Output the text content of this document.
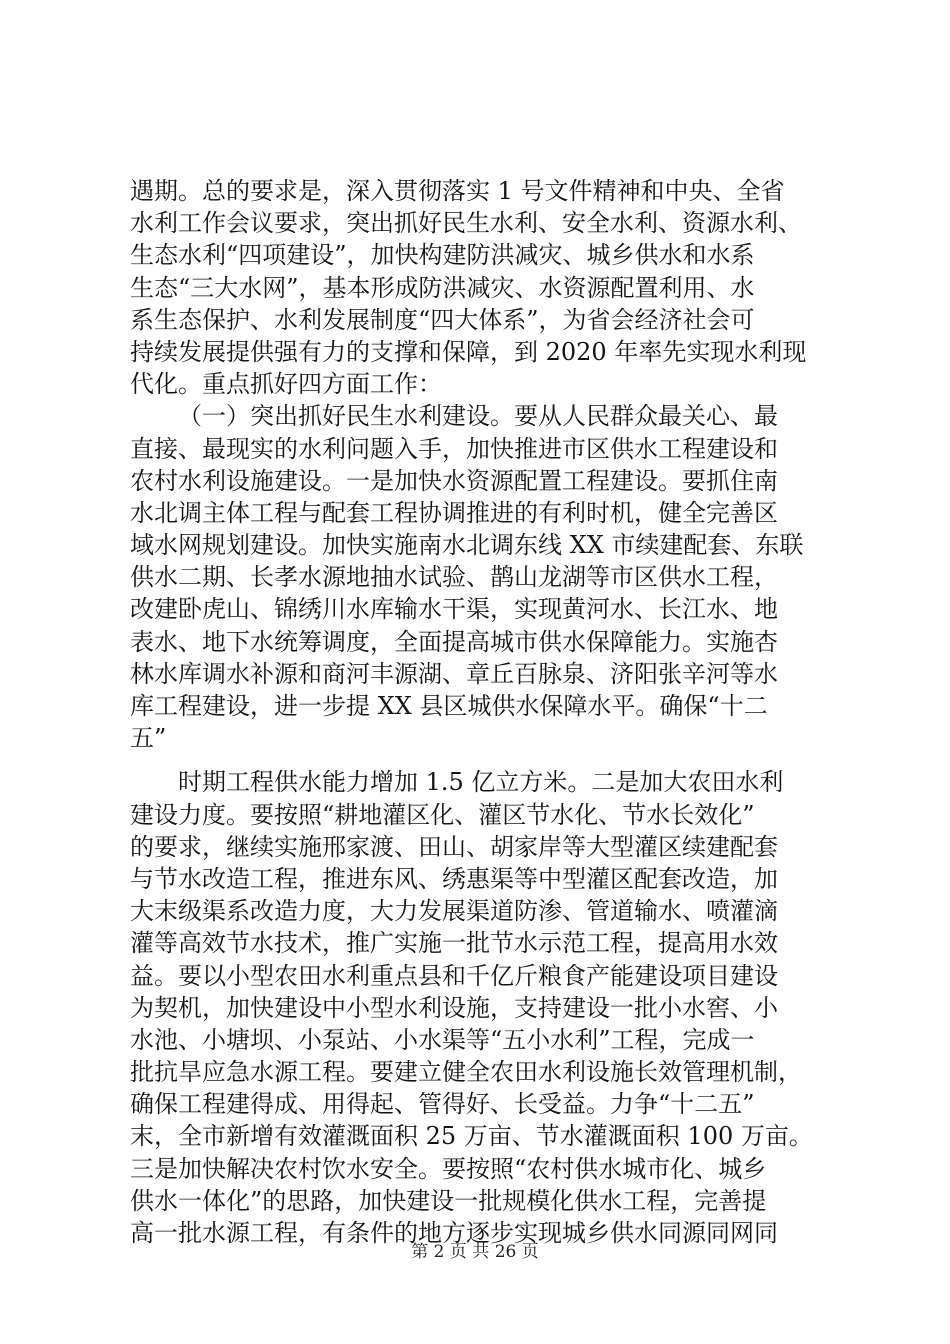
遇期。总的要求是，深入贯彻落实 1 号文件精神和中央、全省
水利工作会议要求，突出抓好民生水利、安全水利、资源水利、
生态水利“四项建设”，加快构建防洪减灾、城乡供水和水系
生态“三大水网”，基本形成防洪减灾、水资源配置利用、水
系生态保护、水利发展制度“四大体系”，为省会经济社会可
持续发展提供强有力的支撑和保障，到 2020 年率先实现水利现
代化。重点抓好四方面工作：
（一）突出抓好民生水利建设。要从人民群众最关心、最
直接、最现实的水利问题入手，加快推进市区供水工程建设和
农村水利设施建设。一是加快水资源配置工程建设。要抓住南
水北调主体工程与配套工程协调推进的有利时机，健全完善区
域水网规划建设。加快实施南水北调东线 XX 市续建配套、东联
供水二期、长孝水源地抽水试验、鹊山龙湖等市区供水工程，
改建卧虎山、锦绣川水库输水干渠，实现黄河水、长江水、地
表水、地下水统筹调度，全面提高城市供水保障能力。实施杏
林水库调水补源和商河丰源湖、章丘百脉泉、济阳张辛河等水
库工程建设，进一步提 XX 县区城供水保障水平。确保“十二
五”
时期工程供水能力增加 1.5 亿立方米。二是加大农田水利
建设力度。要按照“耕地灌区化、灌区节水化、节水长效化”
的要求，继续实施邢家渡、田山、胡家岸等大型灌区续建配套
与节水改造工程，推进东风、绣惠渠等中型灌区配套改造，加
大末级渠系改造力度，大力发展渠道防渗、管道输水、喷灌滴
灌等高效节水技术，推广实施一批节水示范工程，提高用水效
益。要以小型农田水利重点县和千亿斤粮食产能建设项目建设
为契机，加快建设中小型水利设施，支持建设一批小水窖、小
水池、小塘坝、小泵站、小水渠等“五小水利”工程，完成一
批抗旱应急水源工程。要建立健全农田水利设施长效管理机制，
确保工程建得成、用得起、管得好、长受益。力争“十二五”
末，全市新增有效灌溉面积 25 万亩、节水灌溉面积 100 万亩。
三是加快解决农村饮水安全。要按照“农村供水城市化、城乡
供水一体化”的思路，加快建设一批规模化供水工程，完善提
高一批水源工程，有条件的地方逐步实现城乡供水同源同网同
第 2 页 共 26 页
